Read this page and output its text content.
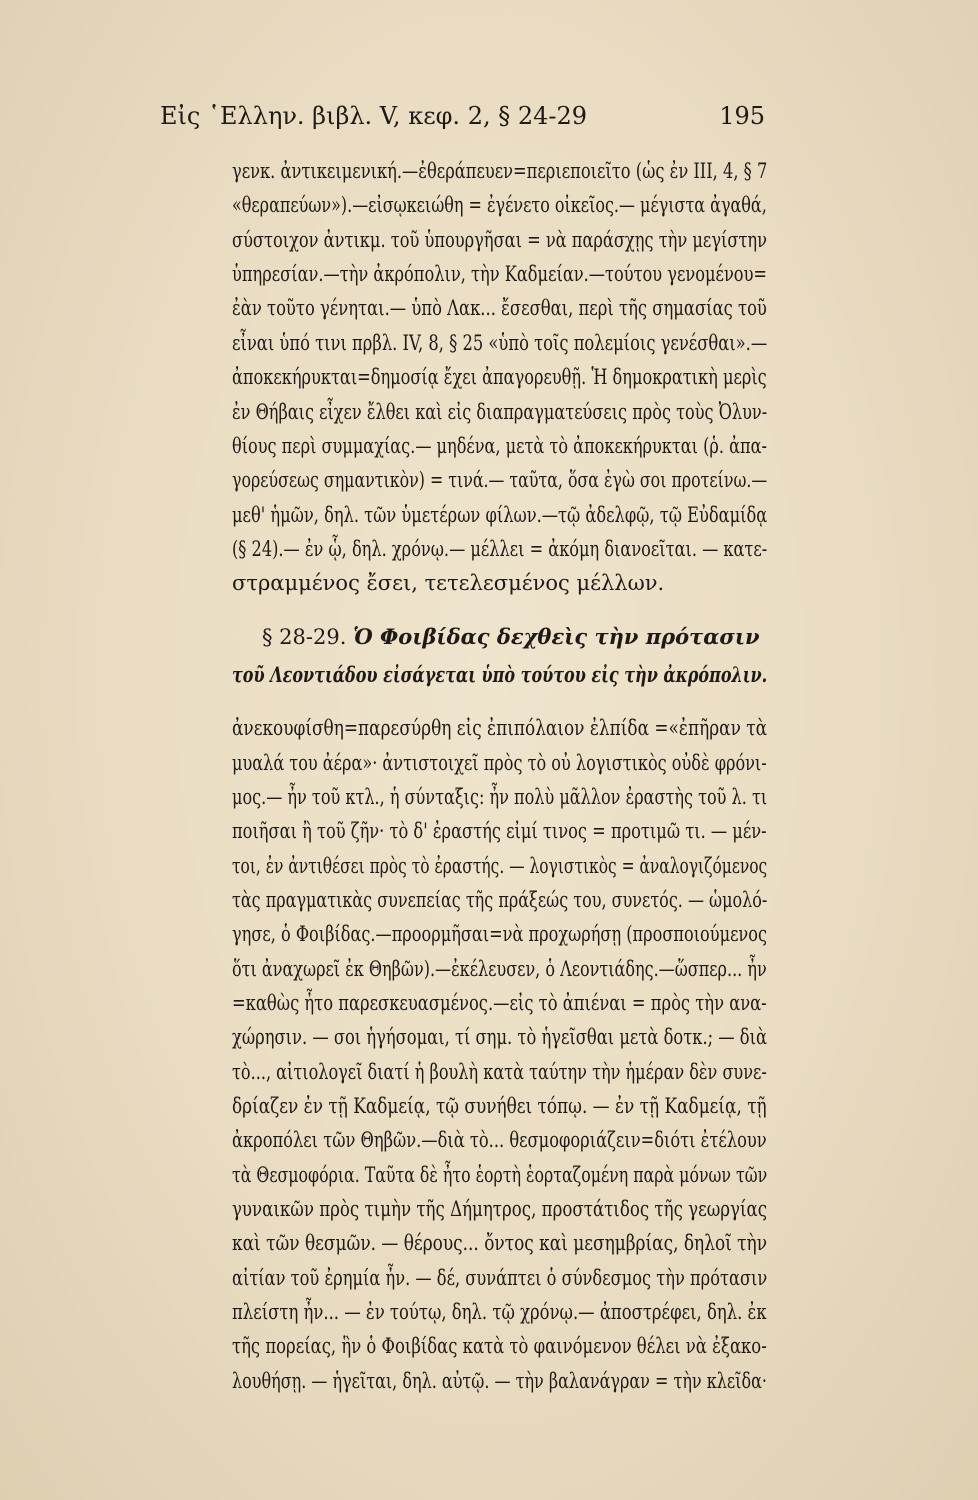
Εἰς ῾Ελλην. βιβλ. V, κεφ. 2, § 24-29	195
γενκ. ἀντικειμενική.—ἐθεράπευεν=περιεποιεῖτο (ὡς ἐν III, 4, § 7
«θεραπεύων»).—εἰσῳκειώθη = ἐγένετο οἰκεῖος.— μέγιστα ἀγαθά,
σύστοιχον ἀντικμ. τοῦ ὑπουργῆσαι = νὰ παράσχῃς τὴν μεγίστην
ὑπηρεσίαν.—τὴν ἀκρόπολιν, τὴν Καδμείαν.—τούτου γενομένου=
ἐὰν τοῦτο γένηται.— ὑπὸ Λακ... ἔσεσθαι, περὶ τῆς σημασίας τοῦ
εἶναι ὑπό τινι πρβλ. IV, 8, § 25 «ὑπὸ τοῖς πολεμίοις γενέσθαι».—
ἀποκεκήρυκται=δημοσίᾳ ἔχει ἀπαγορευθῇ. Ἡ δημοκρατικὴ μερὶς
ἐν Θήβαις εἶχεν ἔλθει καὶ εἰς διαπραγματεύσεις πρὸς τοὺς Ὀλυν-
θίους περὶ συμμαχίας.— μηδένα, μετὰ τὸ ἀποκεκήρυκται (ῥ. ἀπα-
γορεύσεως σημαντικὸν) = τινά.— ταῦτα, ὅσα ἐγὼ σοι προτείνω.—
μεθ' ἡμῶν, δηλ. τῶν ὑμετέρων φίλων.—τῷ ἀδελφῷ, τῷ Εὐδαμίδᾳ
(§ 24).— ἐν ᾧ, δηλ. χρόνῳ.— μέλλει = ἀκόμη διανοεῖται. — κατε-
στραμμένος ἔσει, τετελεσμένος μέλλων.
§ 28-29. Ὁ Φοιβίδας δεχθεὶς τὴν πρότασιν
τοῦ Λεοντιάδου εἰσάγεται ὑπὸ τούτου εἰς τὴν ἀκρόπολιν.
ἀνεκουφίσθη=παρεσύρθη εἰς ἐπιπόλαιον ἐλπίδα =«ἐπῆραν τὰ
μυαλά του ἀέρα»· ἀντιστοιχεῖ πρὸς τὸ οὐ λογιστικὸς οὐδὲ φρόνι-
μος.— ἦν τοῦ κτλ., ἡ σύνταξις: ἦν πολὺ μᾶλλον ἐραστὴς τοῦ λ. τι
ποιῆσαι ἢ τοῦ ζῆν· τὸ δ' ἐραστής εἰμί τινος = προτιμῶ τι. — μέν-
τοι, ἐν ἀντιθέσει πρὸς τὸ ἐραστής. — λογιστικὸς = ἀναλογιζόμενος
τὰς πραγματικὰς συνεπείας τῆς πράξεώς του, συνετός. — ὡμολό-
γησε, ὁ Φοιβίδας.—προορμῆσαι=νὰ προχωρήσῃ (προσποιούμενος
ὅτι ἀναχωρεῖ ἐκ Θηβῶν).—ἐκέλευσεν, ὁ Λεοντιάδης.—ὥσπερ... ἦν
=καθὼς ἦτο παρεσκευασμένος.—εἰς τὸ ἀπιέναι = πρὸς τὴν ανα-
χώρησιν. — σοι ἡγήσομαι, τί σημ. τὸ ἡγεῖσθαι μετὰ δοτκ.; — διὰ
τὸ..., αἰτιολογεῖ διατί ἡ βουλὴ κατὰ ταύτην τὴν ἡμέραν δὲν συνε-
δρίαζεν ἐν τῇ Καδμείᾳ, τῷ συνήθει τόπῳ. — ἐν τῇ Καδμείᾳ, τῇ
ἀκροπόλει τῶν Θηβῶν.—διὰ τὸ... θεσμοφοριάζειν=διότι ἐτέλουν
τὰ Θεσμοφόρια. Ταῦτα δὲ ἦτο ἑορτὴ ἑορταζομένη παρὰ μόνων τῶν
γυναικῶν πρὸς τιμὴν τῆς Δήμητρος, προστάτιδος τῆς γεωργίας
καὶ τῶν θεσμῶν. — θέρους... ὄντος καὶ μεσημβρίας, δηλοῖ τὴν
αἰτίαν τοῦ ἐρημία ἦν. — δέ, συνάπτει ὁ σύνδεσμος τὴν πρότασιν
πλείστη ἦν... — ἐν τούτῳ, δηλ. τῷ χρόνῳ.— ἀποστρέφει, δηλ. ἐκ
τῆς πορείας, ἣν ὁ Φοιβίδας κατὰ τὸ φαινόμενον θέλει νὰ ἐξακο-
λουθήσῃ. — ἡγεῖται, δηλ. αὐτῷ. — τὴν βαλανάγραν = τὴν κλεῖδα·
